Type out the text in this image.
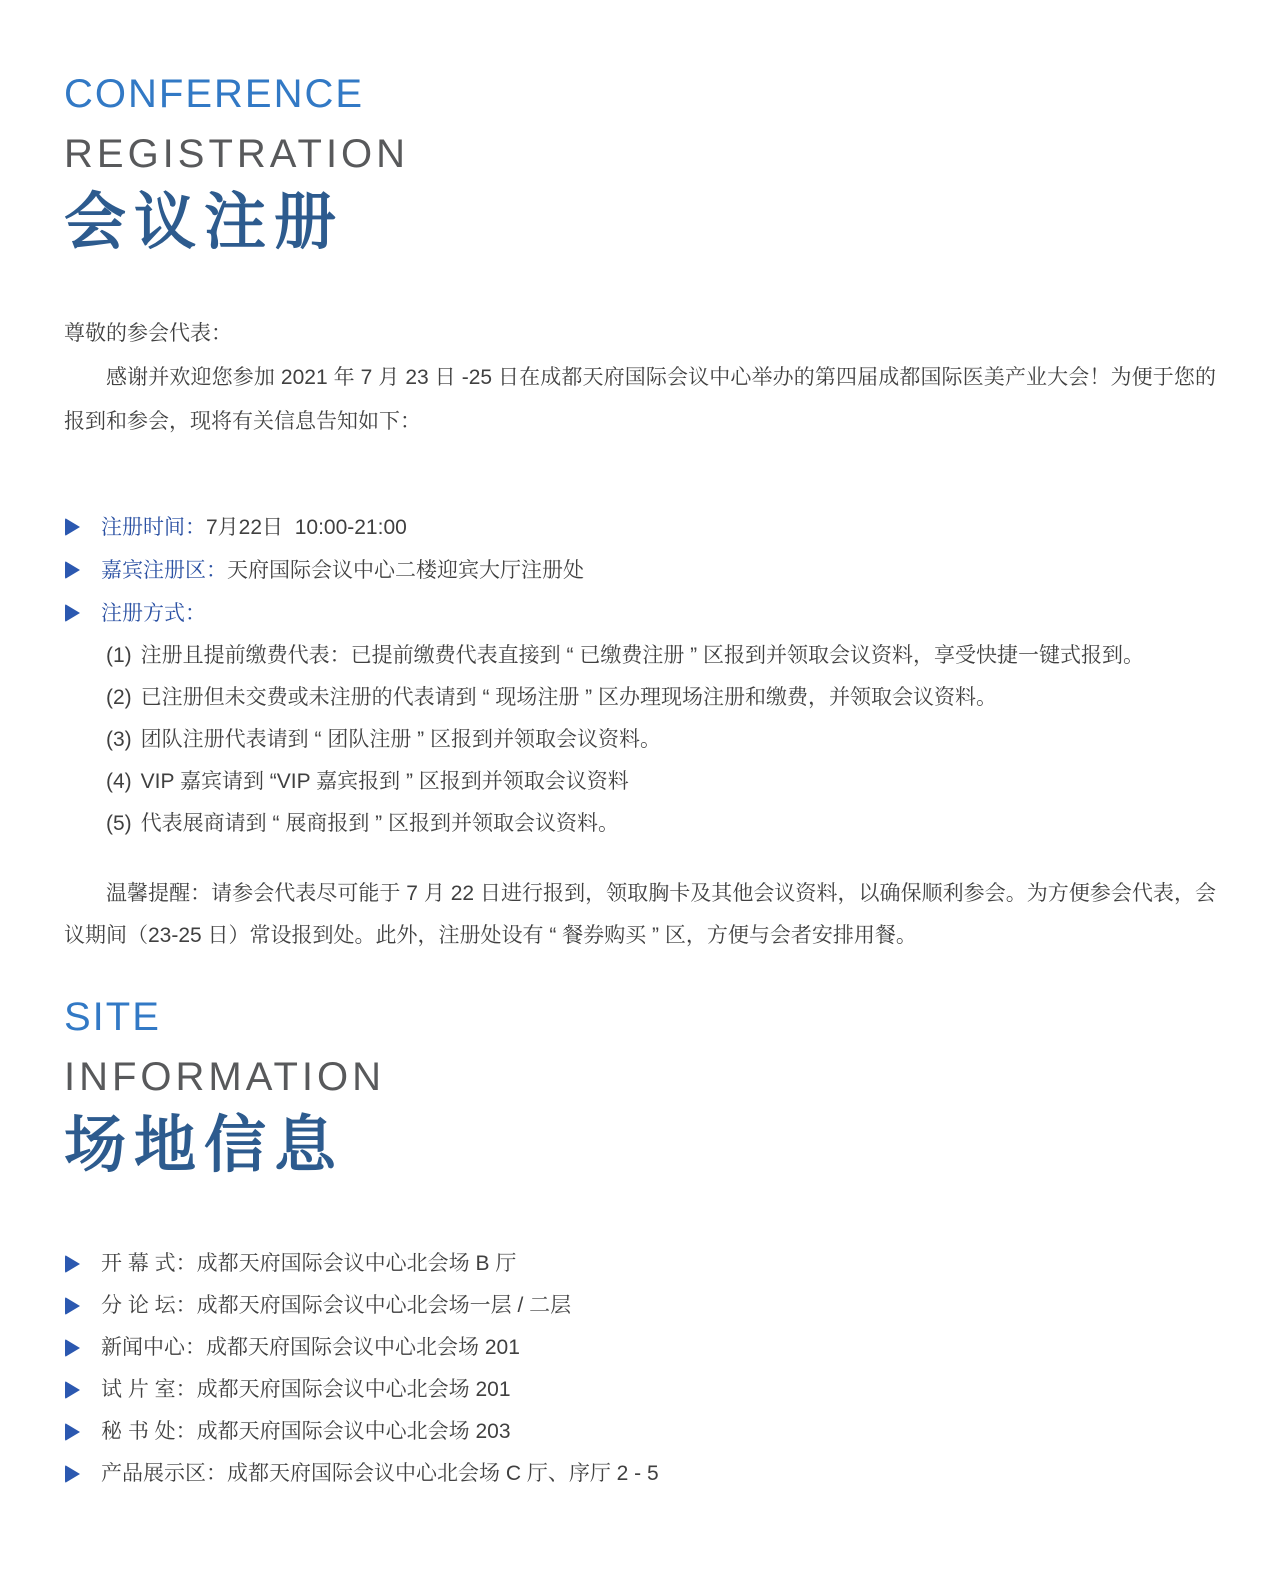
CONFERENCE
REGISTRATION
会议注册
尊敬的参会代表：

感谢并欢迎您参加 2021 年 7 月 23 日 -25 日在成都天府国际会议中心举办的第四届成都国际医美产业大会！为便于您的报到和参会，现将有关信息告知如下：

注册时间： 7月22日  10:00-21:00
嘉宾注册区： 天府国际会议中心二楼迎宾大厅注册处
注册方式：

(1) 注册且提前缴费代表：已提前缴费代表直接到 “ 已缴费注册 ” 区报到并领取会议资料，享受快捷一键式报到。

(2) 已注册但未交费或未注册的代表请到 “ 现场注册 ” 区办理现场注册和缴费，并领取会议资料。

(3) 团队注册代表请到 “ 团队注册 ” 区报到并领取会议资料。

(4) VIP 嘉宾请到 “VIP 嘉宾报到 ” 区报到并领取会议资料

(5) 代表展商请到 “ 展商报到 ” 区报到并领取会议资料。

温馨提醒：请参会代表尽可能于 7 月 22 日进行报到，领取胸卡及其他会议资料，以确保顺利参会。为方便参会代表，会议期间（23-25 日）常设报到处。此外，注册处设有 “ 餐券购买 ” 区，方便与会者安排用餐。

SITE
INFORMATION
场地信息
开 幕 式： 成都天府国际会议中心北会场 B 厅
分 论 坛： 成都天府国际会议中心北会场一层 / 二层
新闻中心： 成都天府国际会议中心北会场 201
试 片 室： 成都天府国际会议中心北会场 201
秘 书 处： 成都天府国际会议中心北会场 203
产品展示区： 成都天府国际会议中心北会场 C 厅、序厅 2 - 5
